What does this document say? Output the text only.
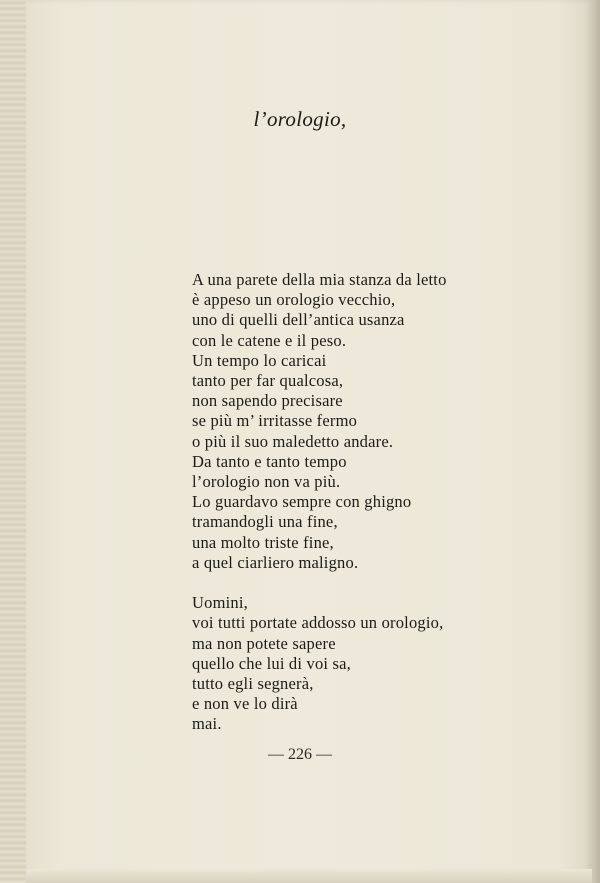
l’orologio,

A una parete della mia stanza da letto
è appeso un orologio vecchio,
uno di quelli dell’antica usanza
con le catene e il peso.
Un tempo lo caricai
tanto per far qualcosa,
non sapendo precisare
se più m’ irritasse fermo
o più il suo maledetto andare.
Da tanto e tanto tempo
l’orologio non va più.
Lo guardavo sempre con ghigno
tramandogli una fine,
una molto triste fine,
a quel ciarliero maligno.

Uomini,
voi tutti portate addosso un orologio,
ma non potete sapere
quello che lui di voi sa,
tutto egli segnerà,
e non ve lo dirà
mai.

— 226 —
